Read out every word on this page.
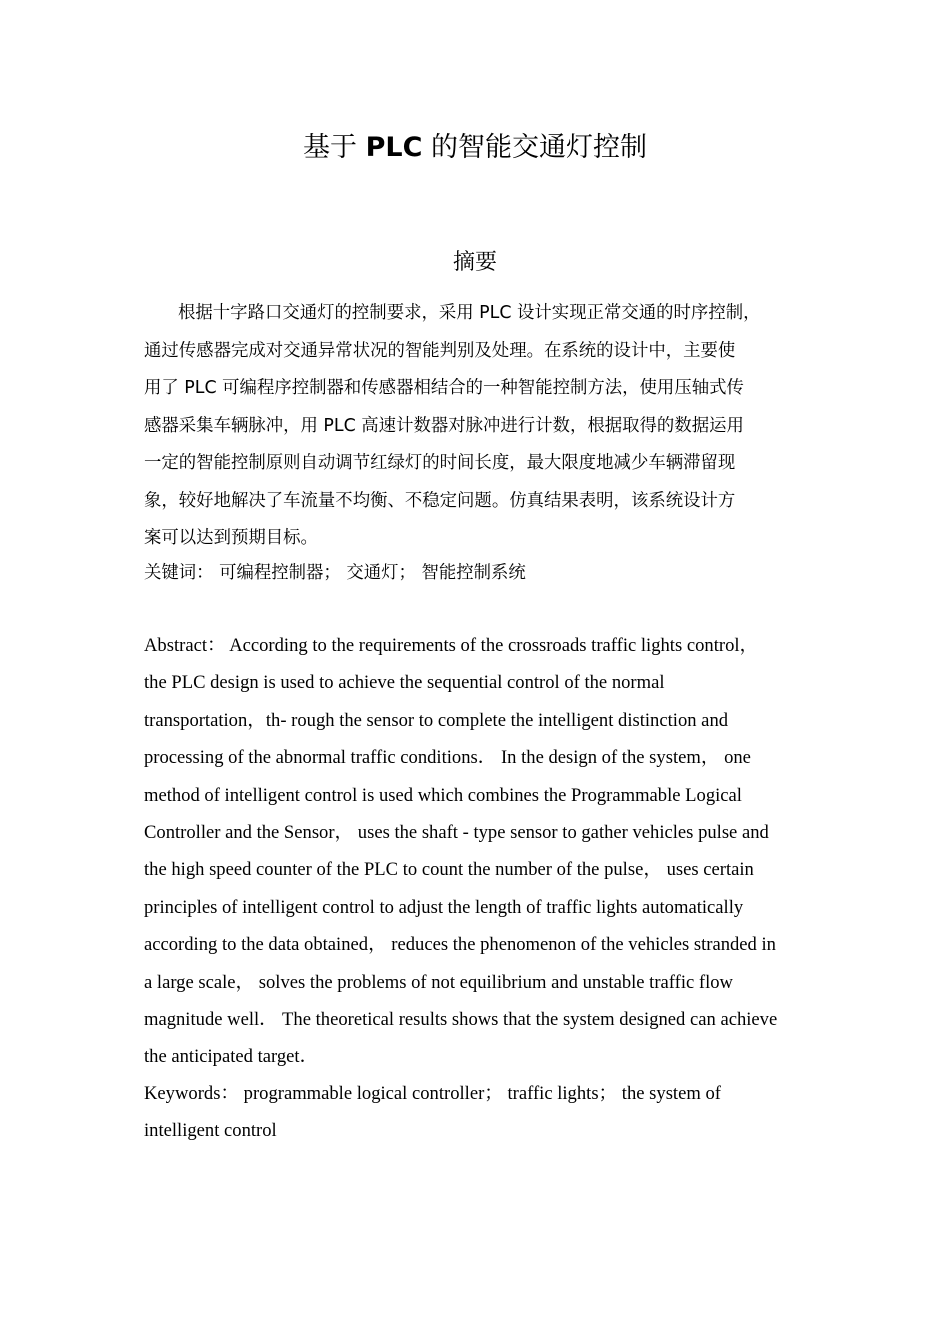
基于 PLC 的智能交通灯控制
摘要

根据十字路口交通灯的控制要求，采用 PLC 设计实现正常交通的时序控制，
通过传感器完成对交通异常状况的智能判别及处理。在系统的设计中，主要使
用了 PLC 可编程序控制器和传感器相结合的一种智能控制方法，使用压轴式传
感器采集车辆脉冲，用 PLC 高速计数器对脉冲进行计数，根据取得的数据运用
一定的智能控制原则自动调节红绿灯的时间长度，最大限度地减少车辆滞留现
象，较好地解决了车流量不均衡、不稳定问题。仿真结果表明，该系统设计方
案可以达到预期目标。

关键词： 可编程控制器； 交通灯； 智能控制系统

Abstract： According to the requirements of the crossroads traffic lights control，
the PLC design is used to achieve the sequential control of the normal
transportation，th- rough the sensor to complete the intelligent distinction and
processing of the abnormal traffic conditions． In the design of the system， one
method of intelligent control is used which combines the Programmable Logical
Controller and the Sensor， uses the shaft - type sensor to gather vehicles pulse and
the high speed counter of the PLC to count the number of the pulse， uses certain
principles of intelligent control to adjust the length of traffic lights automatically
according to the data obtained， reduces the phenomenon of the vehicles stranded in
a large scale， solves the problems of not equilibrium and unstable traffic flow
magnitude well． The theoretical results shows that the system designed can achieve
the anticipated target．

Keywords： programmable logical controller； traffic lights； the system of
intelligent control
